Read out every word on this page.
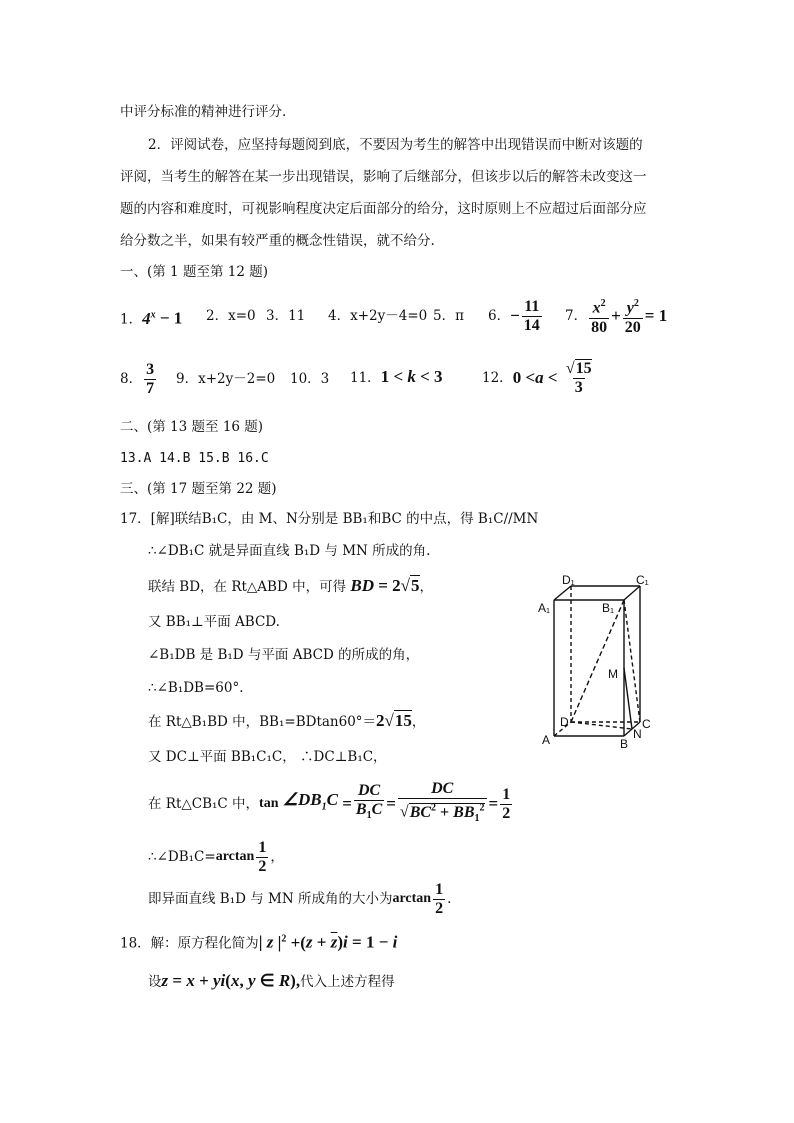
中评分标准的精神进行评分.
2．评阅试卷，应坚持每题阅到底，不要因为考生的解答中出现错误而中断对该题的
评阅，当考生的解答在某一步出现错误，影响了后继部分，但该步以后的解答未改变这一
题的内容和难度时，可视影响程度决定后面部分的给分，这时原则上不应超过后面部分应
给分数之半，如果有较严重的概念性错误，就不给分.
一、(第 1 题至第 12 题)
1．$4^x - 1$ 2．x=0 3．11 4．x+2y－4=0 5．π 6． − $\frac{11}{14} 7$． $\frac{x^2}{80} + \frac{y^2}{20} = 1$
8． $\frac{3}{7} 9$．x+2y－2=0 10．3 11．1 < k < 3	12． $0 < a < \frac{√15}{3}$
二、(第 13 题至 16 题)
13.A 14.B 15.B 16.C
三、(第 17 题至第 22 题)
17．[解]联结B₁C，由 M、N分别是 BB₁和BC 的中点，得 B₁C//MN
∴∠DB₁C 就是异面直线 B₁D 与 MN 所成的角.
联结 BD，在 Rt△ABD 中，可得 BD = 2√5，
又 BB₁⊥平面 ABCD.
∠B₁DB 是 B₁D 与平面 ABCD 的所成的角，
∴∠B₁DB=60°.
在 Rt△B₁BD 中，BB₁=BDtan60°＝2√15，
又 DC⊥平面 BB₁C₁C， ∴DC⊥B₁C，
在 Rt△CB₁C 中， $\tan \angle DB_1C = \frac{DC}{B_1C} = \frac{DC}{√BC^2 + BB_1^2} = \frac{1}{2}$
∴∠DB₁C= $\arctan \frac{1}{2}$ ，
即异面直线 B₁D 与 MN 所成角的大小为 $\arctan \frac{1}{2}$ .
18．解：原方程化简为| z $|^2 +(z + \overline{z})i = 1 - i$
设z = x + yi(x, y ∈ R),代入上述方程得
D₁	C₁
A₁	B₁
M
D	C
A	B
N
